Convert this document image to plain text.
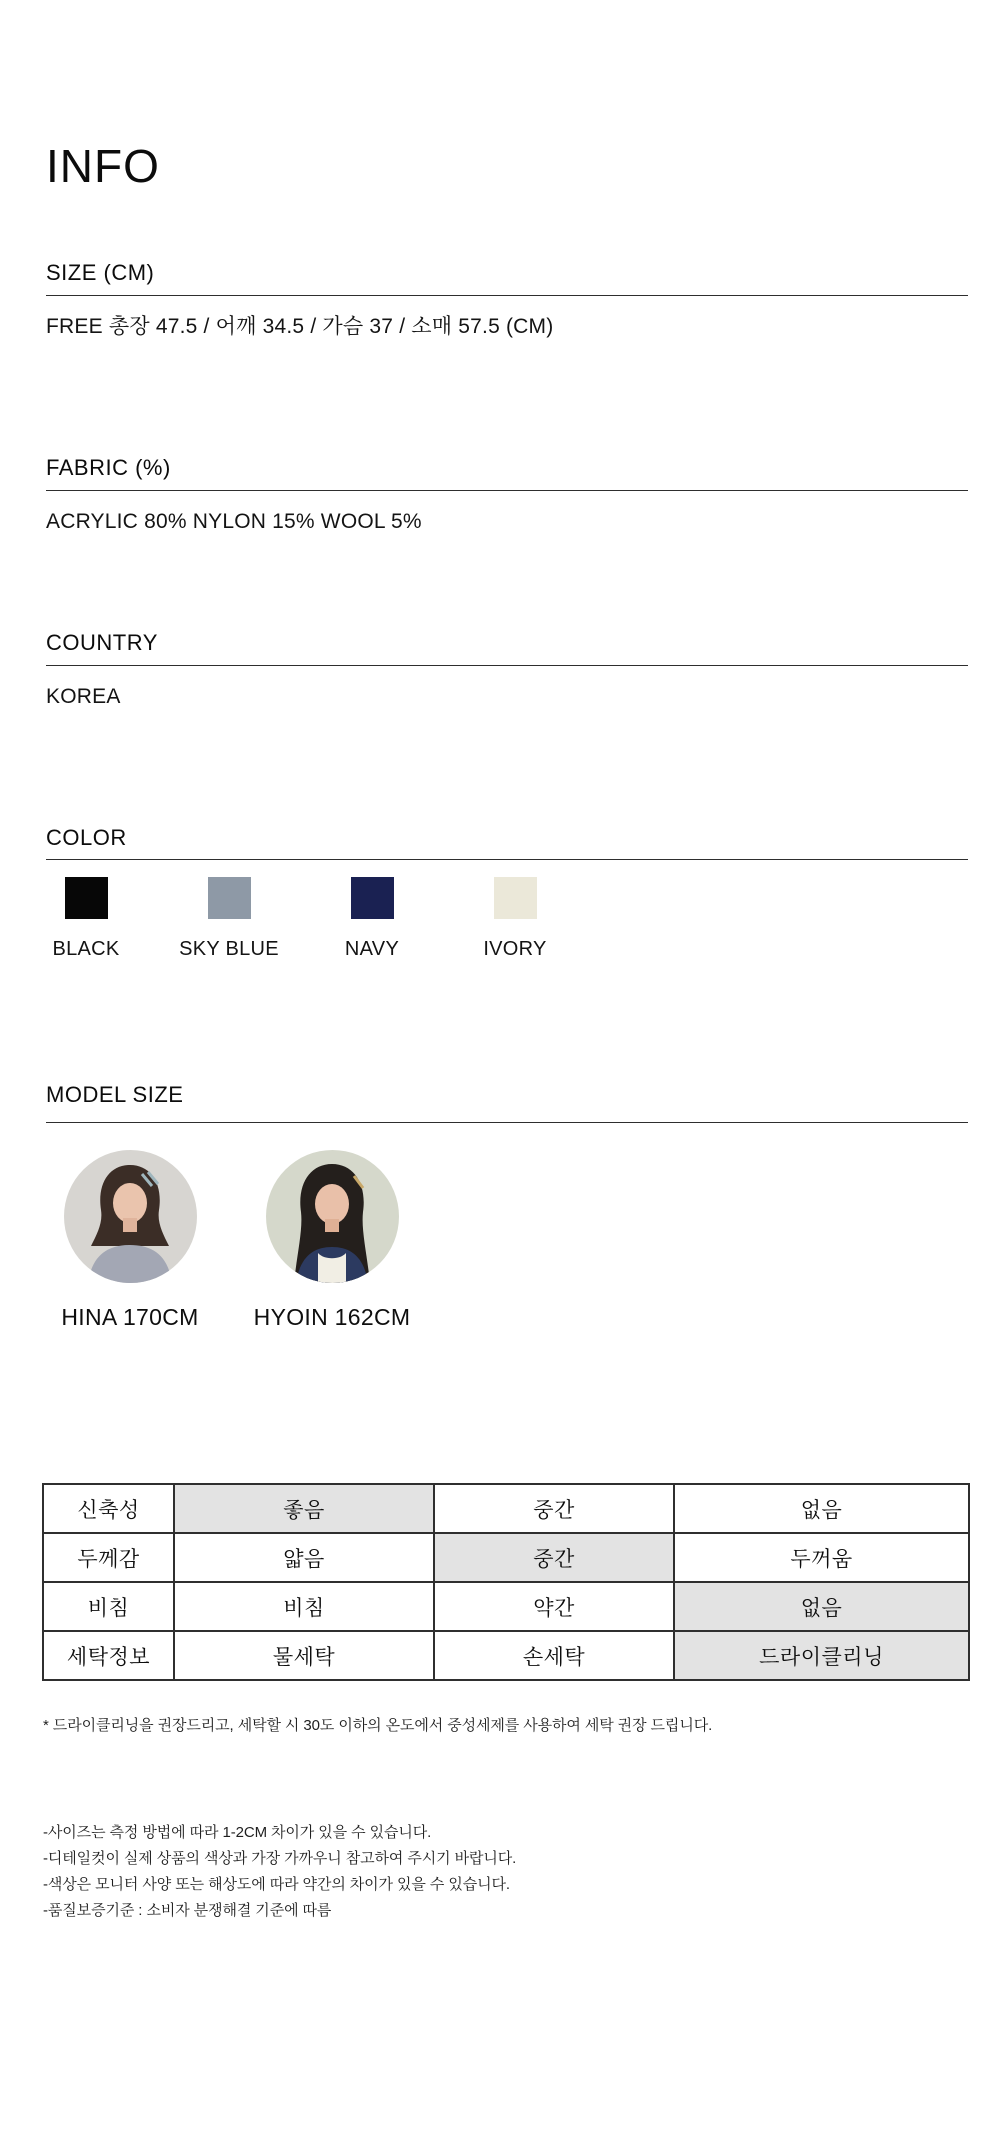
INFO
SIZE (CM)
FREE 총장 47.5 / 어깨 34.5 / 가슴 37 / 소매 57.5 (CM)
FABRIC (%)
ACRYLIC 80% NYLON 15% WOOL 5%
COUNTRY
KOREA
COLOR
BLACK	SKY BLUE	NAVY	IVORY
MODEL SIZE
HINA 170CM HYOIN 162CM
신축성	좋음	중간	없음
두께감	얇음	중간	두꺼움
비침	비침	약간	없음
세탁정보	물세탁	손세탁	드라이클리닝
* 드라이클리닝을 권장드리고, 세탁할 시 30도 이하의 온도에서 중성세제를 사용하여 세탁 권장 드립니다.
-사이즈는 측정 방법에 따라 1-2CM 차이가 있을 수 있습니다.
-디테일컷이 실제 상품의 색상과 가장 가까우니 참고하여 주시기 바랍니다.
-색상은 모니터 사양 또는 해상도에 따라 약간의 차이가 있을 수 있습니다.
-품질보증기준 : 소비자 분쟁해결 기준에 따름
